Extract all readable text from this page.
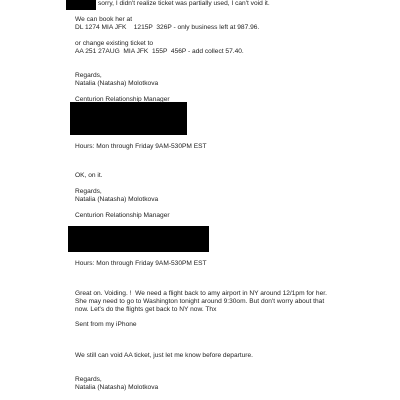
sorry, I didn't realize ticket was partially used, I can't void it.
We can book her at
DL 1274 MIA JFK    1215P  326P - only business left at 987.96.
or change existing ticket to
AA 251 27AUG  MIA JFK  155P  456P - add collect 57.40.
Regards,
Natalia (Natasha) Molotkova
Centurion Relationship Manager
Hours: Mon through Friday 9AM-530PM EST
OK, on it.
Regards,
Natalia (Natasha) Molotkova
Centurion Relationship Manager
Hours: Mon through Friday 9AM-530PM EST
Great on. Voiding. !  We need a flight back to amy airport in NY around 12/1pm for her.
She may need to go to Washington tonight around 9:30om. But don't worry about that
now. Let's do the flights get back to NY now. Thx
Sent from my iPhone
We still can void AA ticket, just let me know before departure.
Regards,
Natalia (Natasha) Molotkova
